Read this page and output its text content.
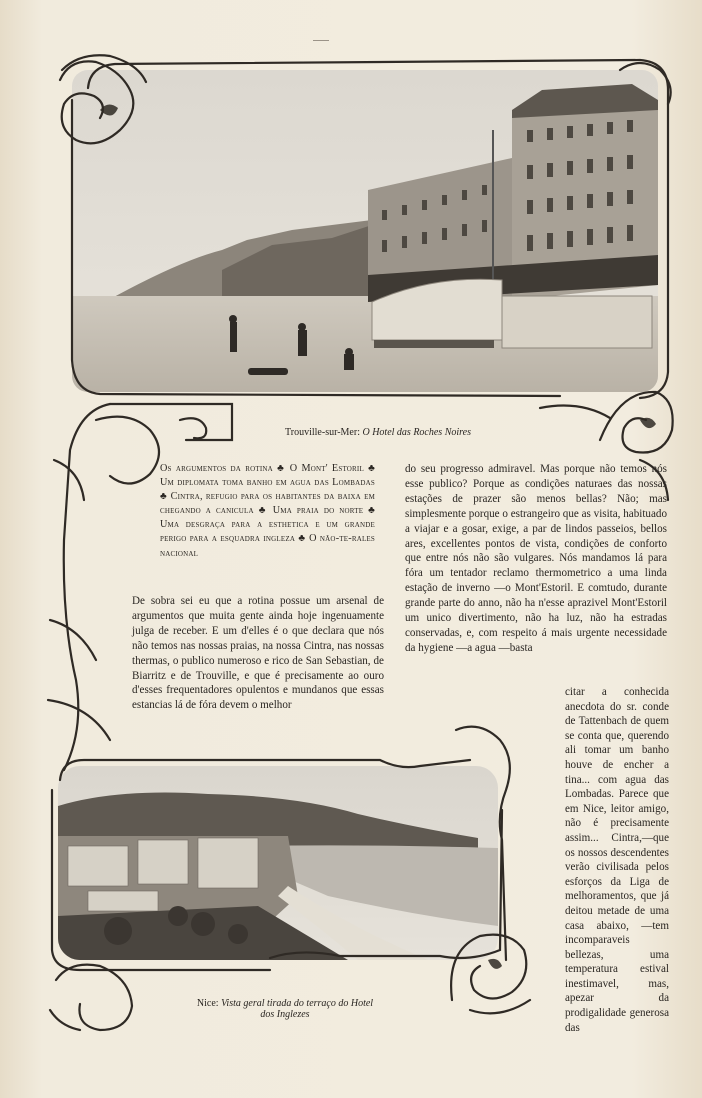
Trouville-sur-Mer: O Hotel das Roches Noires
Os argumentos da rotina ♣ O Mont' Estoril ♣ Um diplomata toma banho em agua das Lombadas ♣ Cintra, refugio para os habitantes da baixa em chegando a canicula ♣ Uma praia do norte ♣ Uma desgraça para a esthetica e um grande perigo para a esquadra ingleza ♣ O não-te-rales nacional
De sobra sei eu que a rotina possue um arsenal de argumentos que muita gente ainda hoje ingenuamente julga de receber. E um d'elles é o que declara que nós não temos nas nossas praias, na nossa Cintra, nas nossas thermas, o publico numeroso e rico de San Sebastian, de Biarritz e de Trouville, e que é precisamente ao ouro d'esses frequentadores opulentos e mundanos que essas estancias lá de fóra devem o melhor
do seu progresso admiravel. Mas porque não temos nós esse publico? Porque as condições naturaes das nossas estações de prazer são menos bellas? Não; mas simplesmente porque o estrangeiro que as visita, habituado a viajar e a gosar, exige, a par de lindos passeios, bellos ares, excellentes pontos de vista, condições de conforto que entre nós não são vulgares. Nós mandamos lá para fóra um tentador reclamo thermometrico a uma linda estação de inverno —o Mont'Estoril. E comtudo, durante grande parte do anno, não ha n'esse aprazivel Mont'Estoril um unico divertimento, não ha luz, não ha estradas conservadas, e, com respeito á mais urgente necessidade da hygiene —a agua —basta
citar a conhecida anecdota do sr. conde de Tattenbach de quem se conta que, querendo ali tomar um banho houve de encher a tina... com agua das Lombadas. Parece que em Nice, leitor amigo, não é precisamente assim... Cintra,—que os nossos descendentes verão civilisada pelos esforços da Liga de melhoramentos, que já deitou metade de uma casa abaixo, —tem incomparaveis bellezas, uma temperatura estival inestimavel, mas, apezar da prodigalidade generosa das
Nice: Vista geral tirada do terraço do Hotel
dos Inglezes
